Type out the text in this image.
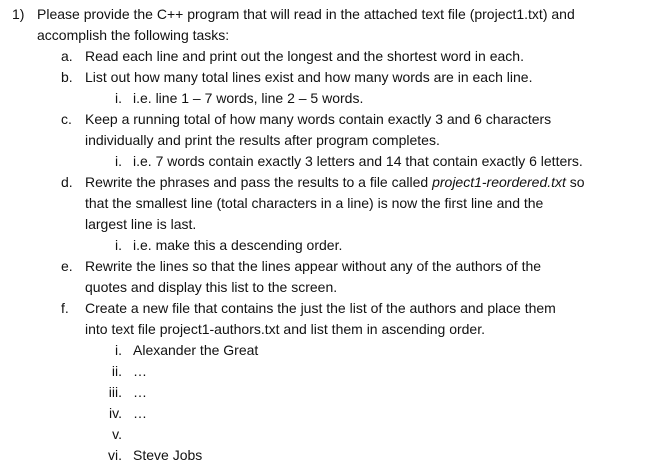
1) Please provide the C++ program that will read in the attached text file (project1.txt) and
accomplish the following tasks:
a. Read each line and print out the longest and the shortest word in each.
b. List out how many total lines exist and how many words are in each line.
i. i.e. line 1 – 7 words, line 2 – 5 words.
c. Keep a running total of how many words contain exactly 3 and 6 characters
individually and print the results after program completes.
i. i.e. 7 words contain exactly 3 letters and 14 that contain exactly 6 letters.
d. Rewrite the phrases and pass the results to a file called project1-reordered.txt so
that the smallest line (total characters in a line) is now the first line and the
largest line is last.
i. i.e. make this a descending order.
e. Rewrite the lines so that the lines appear without any of the authors of the
quotes and display this list to the screen.
f. Create a new file that contains the just the list of the authors and place them
into text file project1-authors.txt and list them in ascending order.
i. Alexander the Great
ii. …
iii. …
iv. …
v.
vi. Steve Jobs
